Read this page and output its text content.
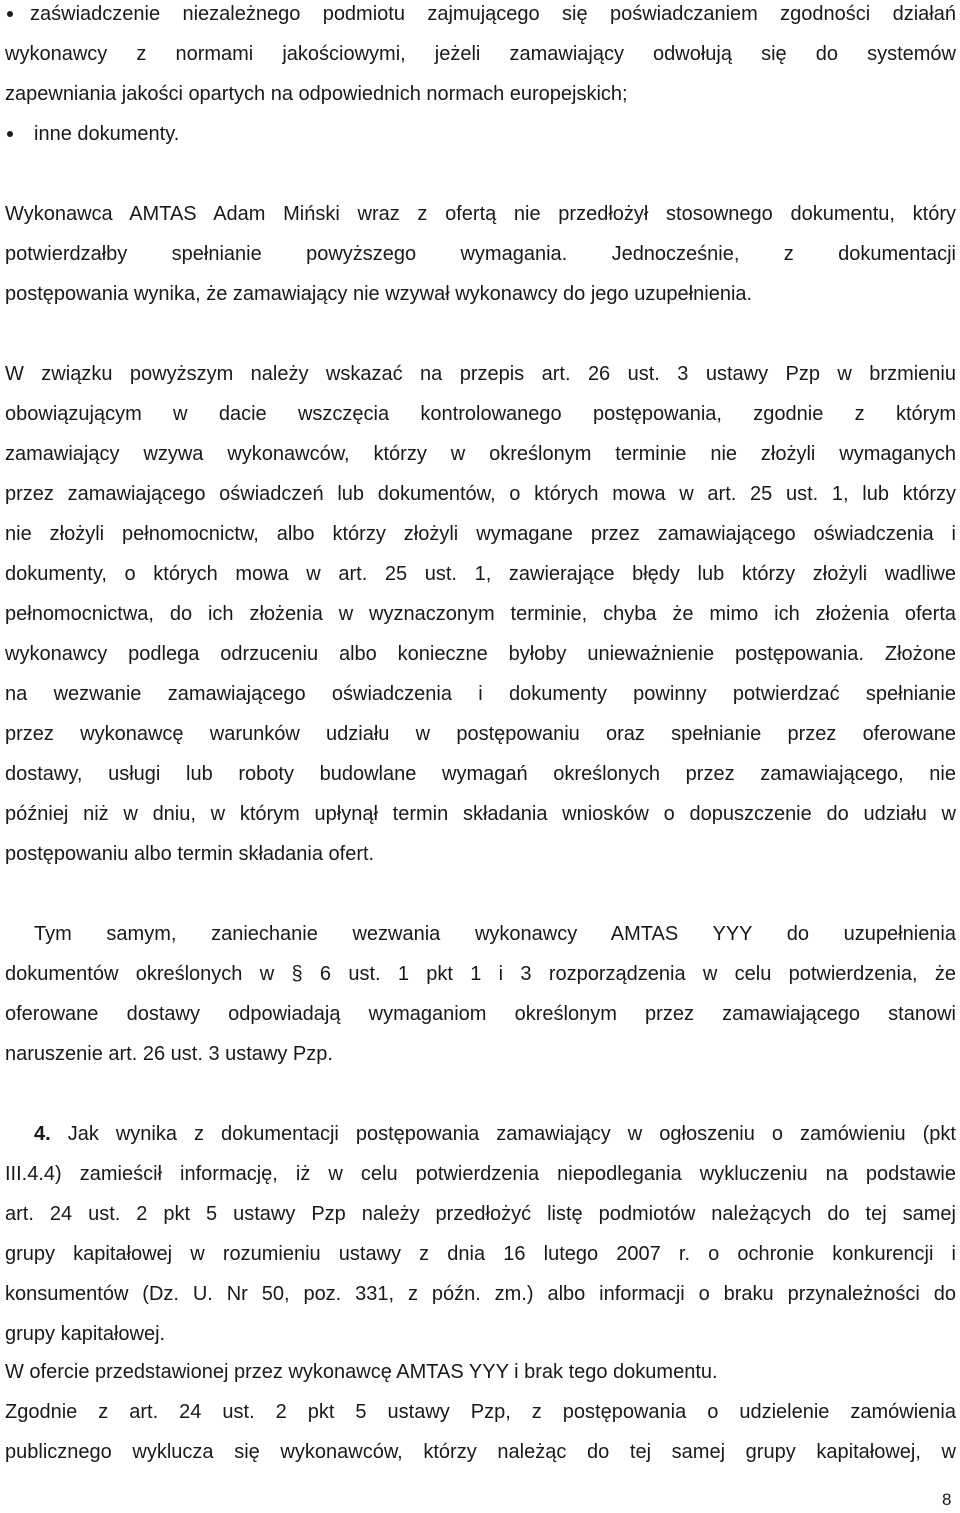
zaświadczenie niezależnego podmiotu zajmującego się poświadczaniem zgodności działań
wykonawcy z normami jakościowymi, jeżeli zamawiający odwołują się do systemów
zapewniania jakości opartych na odpowiednich normach europejskich;
inne dokumenty.
Wykonawca AMTAS Adam Miński wraz z ofertą nie przedłożył stosownego dokumentu, który
potwierdzałby spełnianie powyższego wymagania. Jednocześnie, z dokumentacji
postępowania wynika, że zamawiający nie wzywał wykonawcy do jego uzupełnienia.
W związku powyższym należy wskazać na przepis art. 26 ust. 3 ustawy Pzp w brzmieniu
obowiązującym w dacie wszczęcia kontrolowanego postępowania, zgodnie z którym
zamawiający wzywa wykonawców, którzy w określonym terminie nie złożyli wymaganych
przez zamawiającego oświadczeń lub dokumentów, o których mowa w art. 25 ust. 1, lub którzy
nie złożyli pełnomocnictw, albo którzy złożyli wymagane przez zamawiającego oświadczenia i
dokumenty, o których mowa w art. 25 ust. 1, zawierające błędy lub którzy złożyli wadliwe
pełnomocnictwa, do ich złożenia w wyznaczonym terminie, chyba że mimo ich złożenia oferta
wykonawcy podlega odrzuceniu albo konieczne byłoby unieważnienie postępowania. Złożone
na wezwanie zamawiającego oświadczenia i dokumenty powinny potwierdzać spełnianie
przez wykonawcę warunków udziału w postępowaniu oraz spełnianie przez oferowane
dostawy, usługi lub roboty budowlane wymagań określonych przez zamawiającego, nie
później niż w dniu, w którym upłynął termin składania wniosków o dopuszczenie do udziału w
postępowaniu albo termin składania ofert.
Tym samym, zaniechanie wezwania wykonawcy AMTAS YYY do uzupełnienia
dokumentów określonych w § 6 ust. 1 pkt 1 i 3 rozporządzenia w celu potwierdzenia, że
oferowane dostawy odpowiadają wymaganiom określonym przez zamawiającego stanowi
naruszenie art. 26 ust. 3 ustawy Pzp.
4. Jak wynika z dokumentacji postępowania zamawiający w ogłoszeniu o zamówieniu (pkt
III.4.4) zamieścił informację, iż w celu potwierdzenia niepodlegania wykluczeniu na podstawie
art. 24 ust. 2 pkt 5 ustawy Pzp należy przedłożyć listę podmiotów należących do tej samej
grupy kapitałowej w rozumieniu ustawy z dnia 16 lutego 2007 r. o ochronie konkurencji i
konsumentów (Dz. U. Nr 50, poz. 331, z późn. zm.) albo informacji o braku przynależności do
grupy kapitałowej.
W ofercie przedstawionej przez wykonawcę AMTAS YYY i brak tego dokumentu.
Zgodnie z art. 24 ust. 2 pkt 5 ustawy Pzp, z postępowania o udzielenie zamówienia
publicznego wyklucza się wykonawców, którzy należąc do tej samej grupy kapitałowej, w
8
